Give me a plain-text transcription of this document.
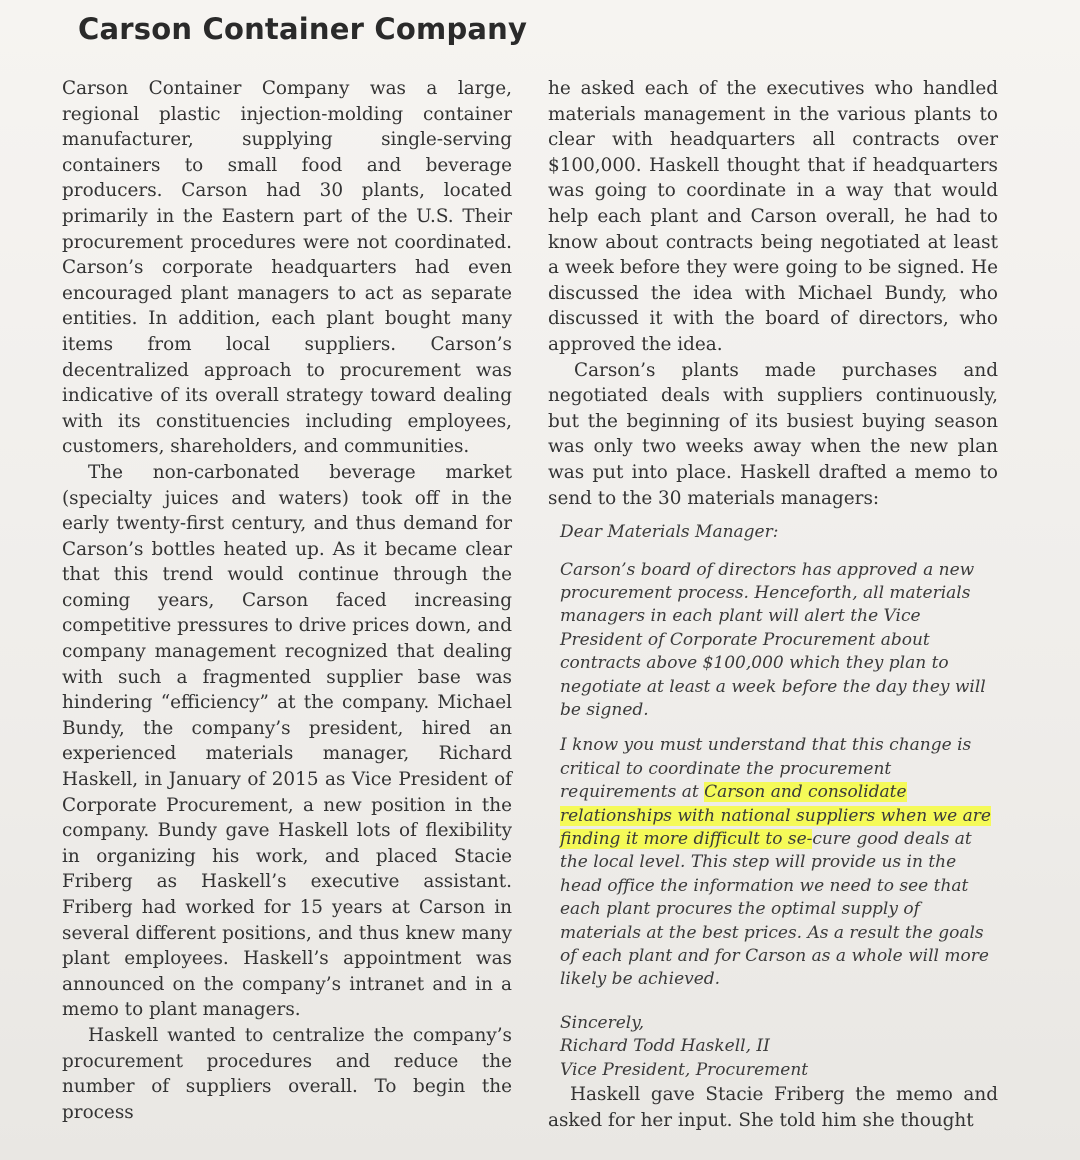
Carson Container Company

Carson Container Company was a large, regional plastic injection-molding container manufacturer, supplying single-serving containers to small food and beverage producers. Carson had 30 plants, located primarily in the Eastern part of the U.S. Their procurement procedures were not coordinated. Carson’s corporate headquarters had even encouraged plant managers to act as separate entities. In addition, each plant bought many items from local suppliers. Carson’s decentralized approach to procurement was indicative of its overall strategy toward dealing with its constituencies including employees, customers, shareholders, and communities.

The non-carbonated beverage market (specialty juices and waters) took off in the early twenty-first century, and thus demand for Carson’s bottles heated up. As it became clear that this trend would continue through the coming years, Carson faced increasing competitive pressures to drive prices down, and company management recognized that dealing with such a fragmented supplier base was hindering “efficiency” at the company. Michael Bundy, the company’s president, hired an experienced materials manager, Richard Haskell, in January of 2015 as Vice President of Corporate Procurement, a new position in the company. Bundy gave Haskell lots of flexibility in organizing his work, and placed Stacie Friberg as Haskell’s executive assistant. Friberg had worked for 15 years at Carson in several different positions, and thus knew many plant employees. Haskell’s appointment was announced on the company’s intranet and in a memo to plant managers.

Haskell wanted to centralize the company’s procurement procedures and reduce the number of suppliers overall. To begin the process

he asked each of the executives who handled materials management in the various plants to clear with headquarters all contracts over $100,000. Haskell thought that if headquarters was going to coordinate in a way that would help each plant and Carson overall, he had to know about contracts being negotiated at least a week before they were going to be signed. He discussed the idea with Michael Bundy, who discussed it with the board of directors, who approved the idea.

Carson’s plants made purchases and negotiated deals with suppliers continuously, but the beginning of its busiest buying season was only two weeks away when the new plan was put into place. Haskell drafted a memo to send to the 30 materials managers:

Dear Materials Manager:

Carson’s board of directors has approved a new procurement process. Henceforth, all materials managers in each plant will alert the Vice President of Corporate Procurement about contracts above $100,000 which they plan to negotiate at least a week before the day they will be signed.

I know you must understand that this change is critical to coordinate the procurement requirements at Carson and consolidate relationships with national suppliers when we are finding it more difficult to se-cure good deals at the local level. This step will provide us in the head office the information we need to see that each plant procures the optimal supply of materials at the best prices. As a result the goals of each plant and for Carson as a whole will more likely be achieved.

Sincerely,
Richard Todd Haskell, II
Vice President, Procurement

Haskell gave Stacie Friberg the memo and asked for her input. She told him she thought
